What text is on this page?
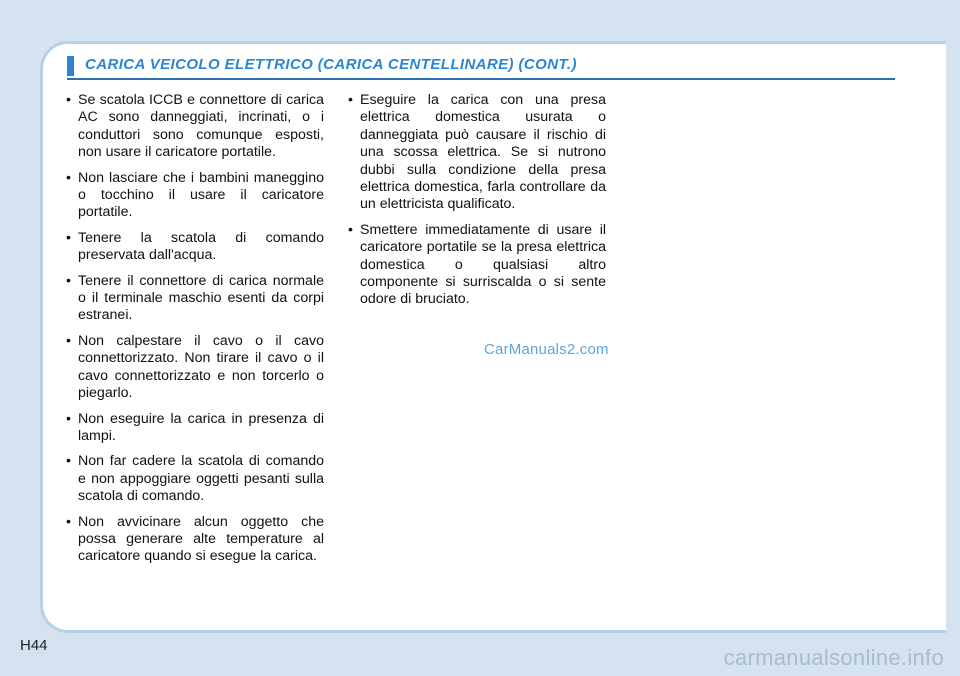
CARICA VEICOLO ELETTRICO (CARICA CENTELLINARE) (CONT.)
• Se scatola ICCB e connettore di carica AC sono danneggiati, incrinati, o i conduttori sono comunque esposti, non usare il caricatore portatile.
• Non lasciare che i bambini maneggino o tocchino il usare il caricatore portatile.
• Tenere la scatola di comando preservata dall'acqua.
• Tenere il connettore di carica normale o il terminale maschio esenti da corpi estranei.
• Non calpestare il cavo o il cavo connettorizzato. Non tirare il cavo o il cavo connettorizzato e non torcerlo o piegarlo.
• Non eseguire la carica in presenza di lampi.
• Non far cadere la scatola di comando e non appoggiare oggetti pesanti sulla scatola di comando.
• Non avvicinare alcun oggetto che possa generare alte temperature al caricatore quando si esegue la carica.
• Eseguire la carica con una presa elettrica domestica usurata o danneggiata può causare il rischio di una scossa elettrica. Se si nutrono dubbi sulla condizione della presa elettrica domestica, farla controllare da un elettricista qualificato.
• Smettere immediatamente di usare il caricatore portatile se la presa elettrica domestica o qualsiasi altro componente si surriscalda o si sente odore di bruciato.
CarManuals2.com
H44	carmanualsonline.info
